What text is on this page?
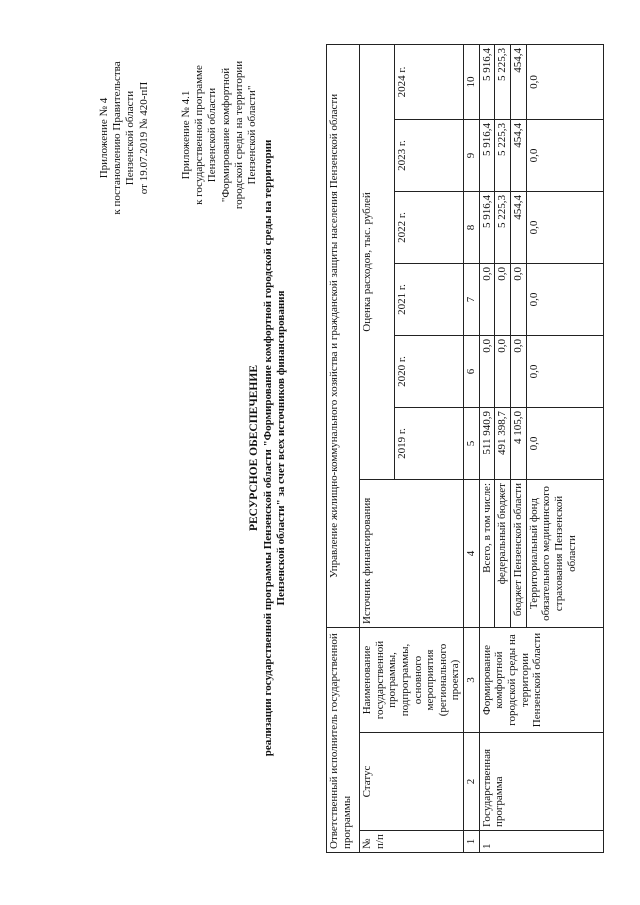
Приложение № 4 к постановлению Правительства Пензенской области от 19.07.2019 № 420-пП	Приложение № 4.1 к государственной программе Пензенской области "Формирование комфортной городской среды на территории Пензенской области"
РЕСУРСНОЕ ОБЕСПЕЧЕНИЕ реализации государственной программы Пензенской области "Формирование комфортной городской среды на территории Пензенской области" за счет всех источников финансирования
Ответственный исполнитель государственной программы			Управление жилищно-коммунального хозяйства и гражданской защиты населения Пензенской области						
№ п/п	Статус	Наименование государственной программы, подпрограммы, основного мероприятия (регионального проекта)	Источник финансирования	Оценка расходов, тыс. рублей					
				2019 г.	2020 г.	2021 г.	2022 г.	2023 г.	2024 г.
1	2	3	4	5	6	7	8	9	10
1	Государственная программа	Формирование комфортной городской среды на территории Пензенской области	Всего, в том числе:	511 940,9	0,0	0,0	5 916,4	5 916,4	5 916,4
			федеральный бюджет	491 398,7	0,0	0,0	5 225,3	5 225,3	5 225,3
			бюджет Пензенской области	4 105,0	0,0	0,0	454,4	454,4	454,4
			Территориальный фонд обязательного медицинского страхования Пензенской области	0,0	0,0	0,0	0,0	0,0	0,0
